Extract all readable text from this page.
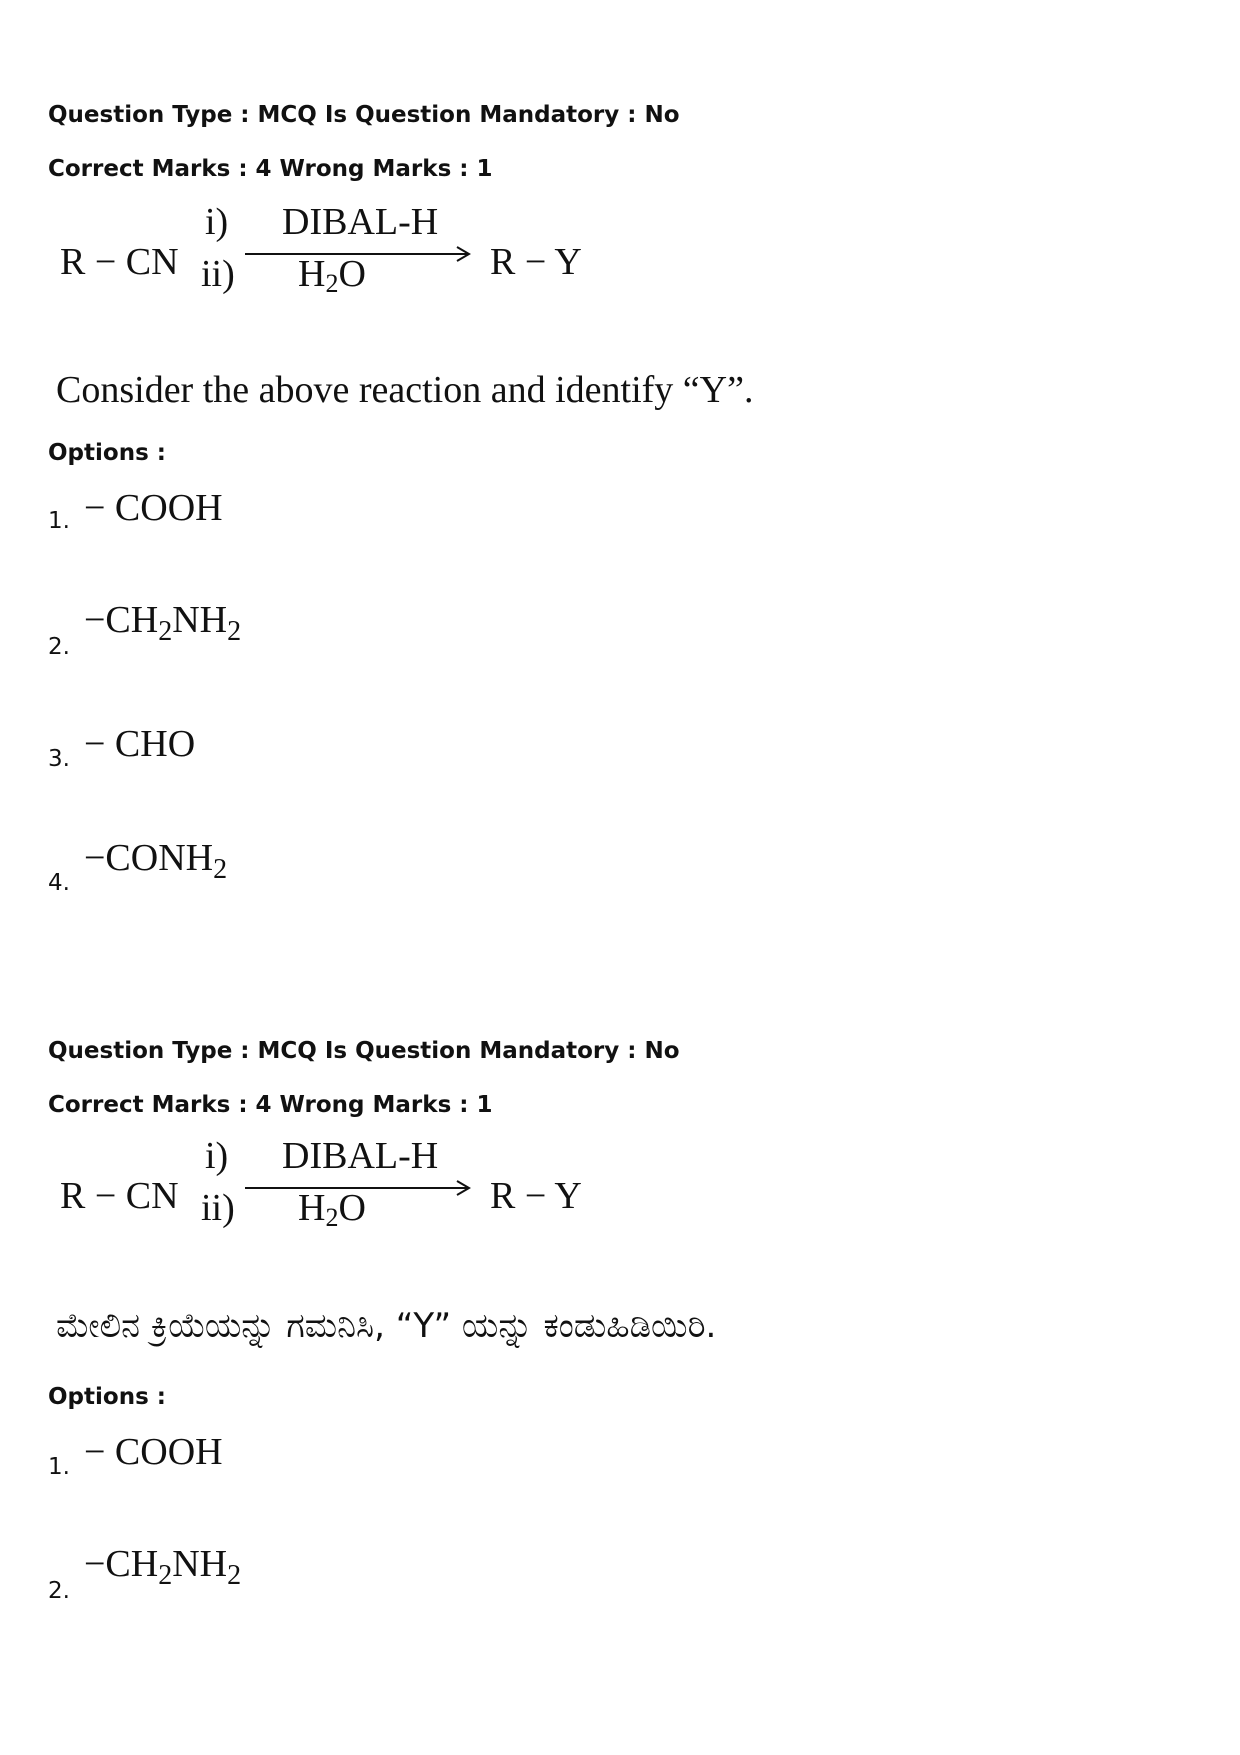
Question Type : MCQ Is Question Mandatory : No
Correct Marks : 4 Wrong Marks : 1
R − CN
i) DIBAL-H
ii) $H_2O$	R − Y
Consider the above reaction and identify “Y”.
Options :
1. − COOH
2.
$-CH_2NH_2$
3. − CHO
4.
$-CONH_2$
Question Type : MCQ Is Question Mandatory : No
Correct Marks : 4 Wrong Marks : 1
R − CN
i) DIBAL-H
ii) $H_2O$	R − Y
ಮೇಲಿನ ಕ್ರಿಯೆಯನ್ನು ಗಮನಿಸಿ, “Y” ಯನ್ನು ಕಂಡುಹಿಡಿಯಿರಿ.
Options :
1. − COOH
2.
$-CH_2NH_2$
